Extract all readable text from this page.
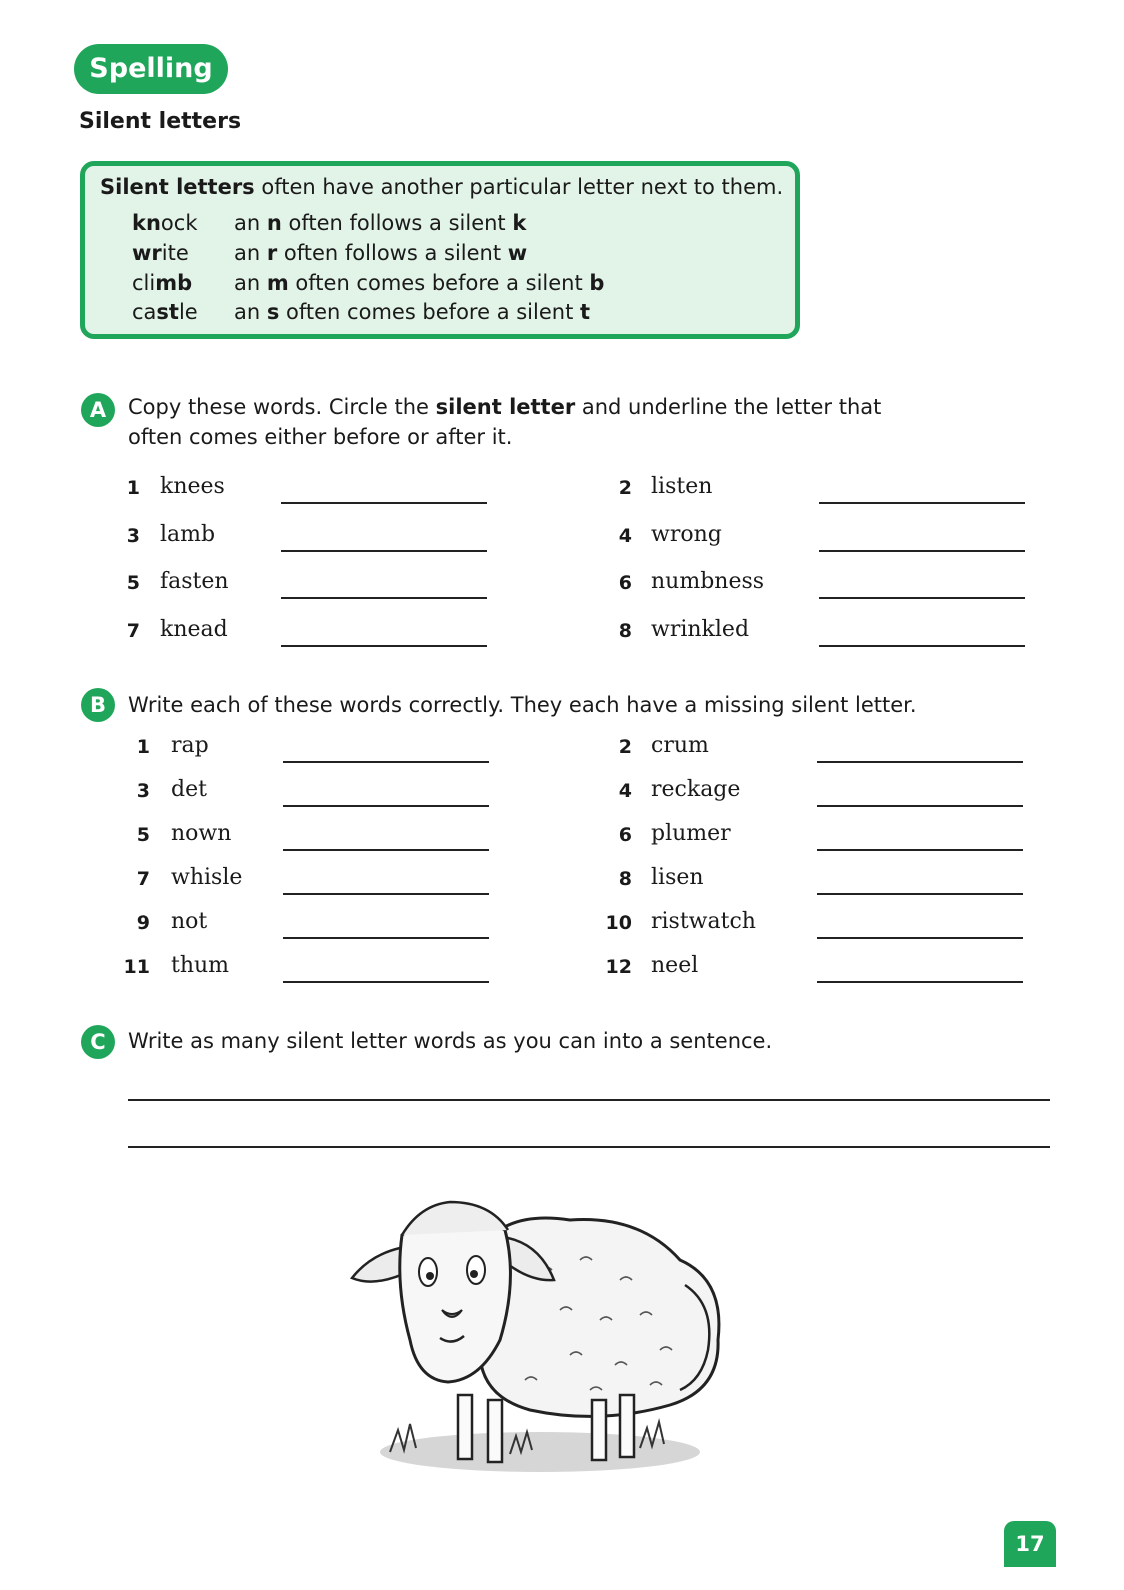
Spelling
Silent letters
Silent letters often have another particular letter next to them.
knock an n often follows a silent k
write an r often follows a silent w
climb an m often comes before a silent b
castle an s often comes before a silent t
A	Copy these words. Circle the silent letter and underline the letter that
often comes either before or after it.
1 knees	2 listen
3 lamb	4 wrong
5 fasten	6 numbness
7 knead	8 wrinkled
B	Write each of these words correctly. They each have a missing silent letter.
1 rap	2 crum
3 det	4 reckage
5 nown	6 plumer
7 whisle	8 lisen
9 not	10 ristwatch
11 thum	12 neel
C	Write as many silent letter words as you can into a sentence.
17
